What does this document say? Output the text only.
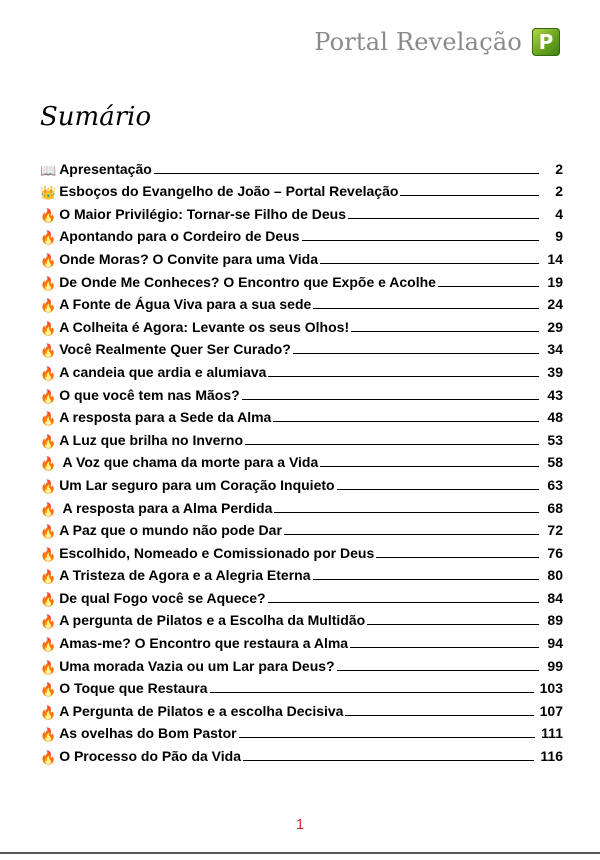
Portal Revelação P
Sumário
📖 Apresentação	2
👑 Esboços do Evangelho de João – Portal Revelação	2
🔥 O Maior Privilégio: Tornar-se Filho de Deus	4
🔥 Apontando para o Cordeiro de Deus	9
🔥 Onde Moras? O Convite para uma Vida	14
🔥 De Onde Me Conheces? O Encontro que Expõe e Acolhe	19
🔥 A Fonte de Água Viva para a sua sede	24
🔥 A Colheita é Agora: Levante os seus Olhos!	29
🔥 Você Realmente Quer Ser Curado?	34
🔥 A candeia que ardia e alumiava	39
🔥 O que você tem nas Mãos?	43
🔥 A resposta para a Sede da Alma	48
🔥 A Luz que brilha no Inverno	53
🔥 A Voz que chama da morte para a Vida	58
🔥 Um Lar seguro para um Coração Inquieto	63
🔥 A resposta para a Alma Perdida	68
🔥 A Paz que o mundo não pode Dar	72
🔥 Escolhido, Nomeado e Comissionado por Deus	76
🔥 A Tristeza de Agora e a Alegria Eterna	80
🔥 De qual Fogo você se Aquece?	84
🔥 A pergunta de Pilatos e a Escolha da Multidão	89
🔥 Amas-me? O Encontro que restaura a Alma	94
🔥 Uma morada Vazia ou um Lar para Deus?	99
🔥 O Toque que Restaura	103
🔥 A Pergunta de Pilatos e a escolha Decisiva	107
🔥 As ovelhas do Bom Pastor	111
🔥 O Processo do Pão da Vida	116
1
